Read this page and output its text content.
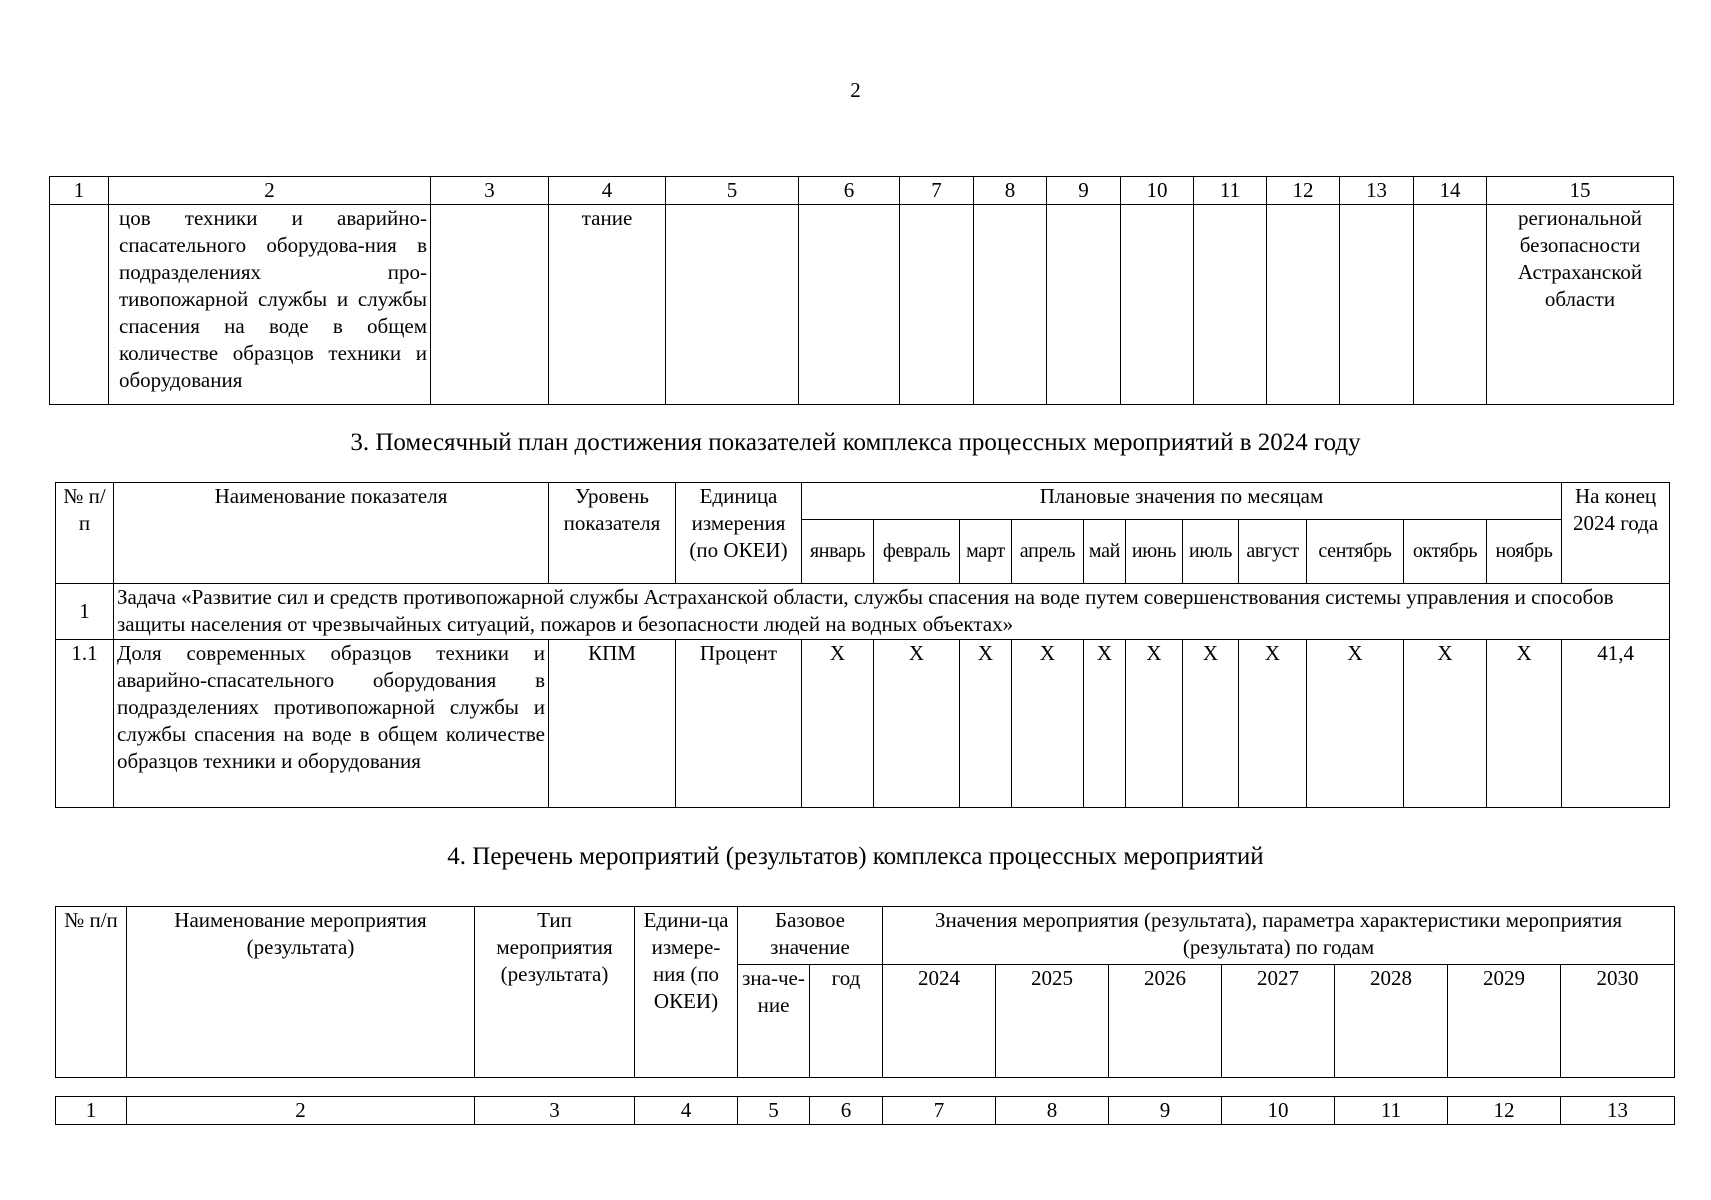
2
1	2	3	4	5	6	7	8	9	10	11	12	13	14	15
	цов техники и аварийно-спасательного оборудова-ния в подразделениях про-тивопожарной службы и службы спасения на воде в общем количестве образцов техники и оборудования		тание											региональной безопасности Астраханской области
3. Помесячный план достижения показателей комплекса процессных мероприятий в 2024 году
№ п/п	Наименование показателя	Уровень показателя	Единица измерения (по ОКЕИ)	Плановые значения по месяцам											На конец 2024 года
				январь	февраль	март	апрель	май	июнь	июль	август	сентябрь	октябрь	ноябрь	
1	Задача «Развитие сил и средств противопожарной службы Астраханской области, службы спасения на воде путем совершенствования системы управления и способов защиты населения от чрезвычайных ситуаций, пожаров и безопасности людей на водных объектах»														
1.1	Доля современных образцов техники и аварийно-спасательного оборудования в подразделениях противопожарной службы и службы спасения на воде в общем количестве образцов техники и оборудования	КПМ	Процент	Х	Х	Х	Х	Х	Х	Х	Х	Х	Х	Х	41,4
4. Перечень мероприятий (результатов) комплекса процессных мероприятий
№ п/п	Наименование мероприятия (результата)	Тип мероприятия (результата)	Едини-ца измере-ния (по ОКЕИ)	Базовое значение		Значения мероприятия (результата), параметра характеристики мероприятия (результата) по годам						
				зна-че-ние	год	2024	2025	2026	2027	2028	2029	2030
1	2	3	4	5	6	7	8	9	10	11	12	13
